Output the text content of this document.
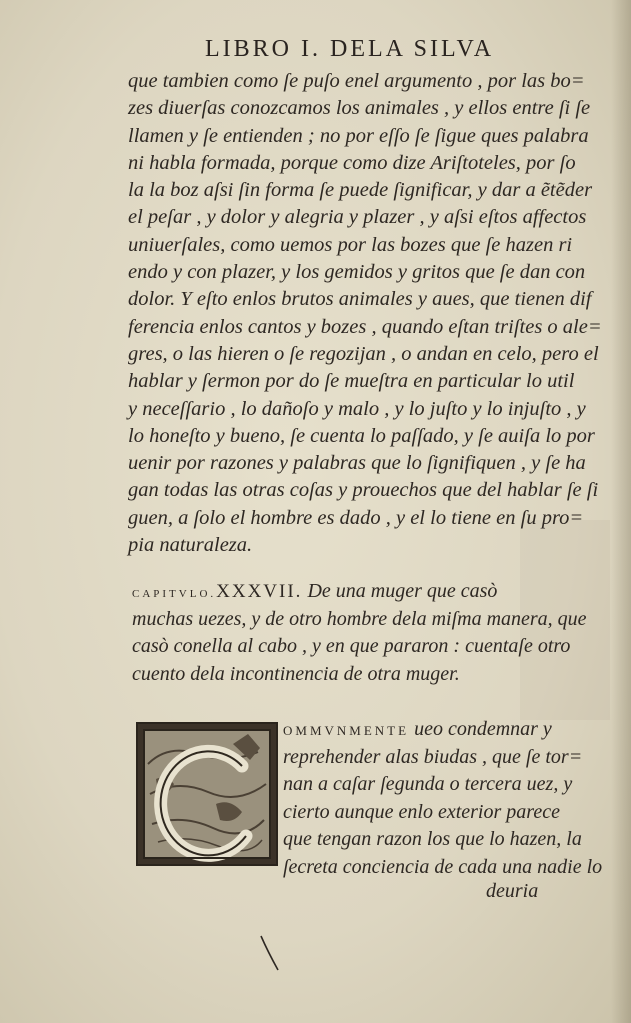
LIBRO I. DELA SILVA
que tambien como ſe puſo enel argumento , por las bo=
zes diuerſas conozcamos los animales , y ellos entre ſi ſe
llamen y ſe entienden ; no por eſſo ſe ſigue ques palabra
ni habla formada, porque como dize Ariſtoteles, por ſo
la la boz aſsi ſin forma ſe puede ſignificar, y dar a ẽtẽder
el peſar , y dolor y alegria y plazer , y aſsi eſtos affectos
uniuerſales, como uemos por las bozes que ſe hazen ri
endo y con plazer, y los gemidos y gritos que ſe dan con
dolor. Y eſto enlos brutos animales y aues, que tienen dif
ferencia enlos cantos y bozes , quando eſtan triſtes o ale=
gres, o las hieren o ſe regozijan , o andan en celo, pero el
hablar y ſermon por do ſe mueſtra en particular lo util
y neceſſario , lo dañoſo y malo , y lo juſto y lo injuſto , y
lo honeſto y bueno, ſe cuenta lo paſſado, y ſe auiſa lo por
uenir por razones y palabras que lo ſignifiquen , y ſe ha
gan todas las otras coſas y prouechos que del hablar ſe ſi
guen, a ſolo el hombre es dado , y el lo tiene en ſu pro=
pia naturaleza.
CAPITVLO.XXXVII. De una muger que casò
muchas uezes, y de otro hombre dela miſma manera, que
casò conella al cabo , y en que pararon : cuentaſe otro
cuento dela incontinencia de otra muger.
OMMVNMENTE ueo condemnar y
reprehender alas biudas , que ſe tor=
nan a caſar ſegunda o tercera uez, y
cierto aunque enlo exterior parece
que tengan razon los que lo hazen, la
ſecreta conciencia de cada una nadie lo
deuria
